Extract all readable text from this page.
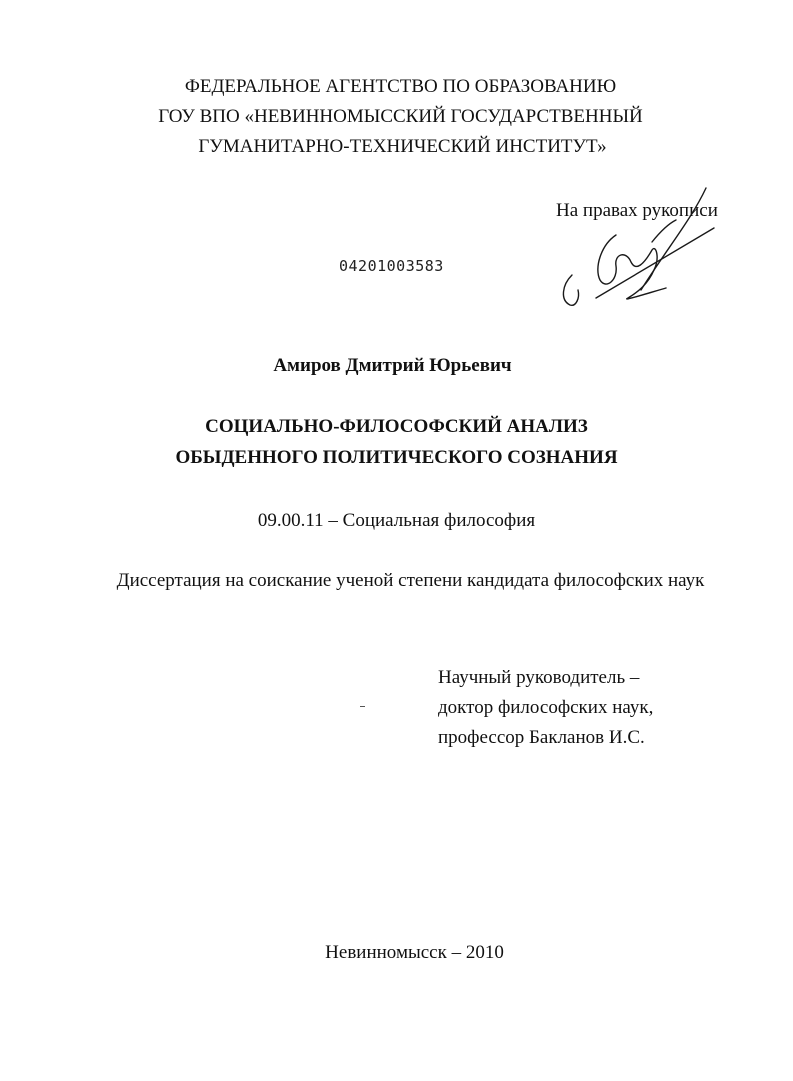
ФЕДЕРАЛЬНОЕ АГЕНТСТВО ПО ОБРАЗОВАНИЮ
ГОУ ВПО «НЕВИННОМЫССКИЙ ГОСУДАРСТВЕННЫЙ
ГУМАНИТАРНО-ТЕХНИЧЕСКИЙ ИНСТИТУТ»
На правах рукописи
04201003583
Амиров Дмитрий Юрьевич
СОЦИАЛЬНО-ФИЛОСОФСКИЙ АНАЛИЗ
ОБЫДЕННОГО ПОЛИТИЧЕСКОГО СОЗНАНИЯ
09.00.11 – Социальная философия
Диссертация на соискание ученой степени кандидата философских наук
Научный руководитель –
доктор философских наук,
профессор Бакланов И.С.
Невинномысск – 2010
